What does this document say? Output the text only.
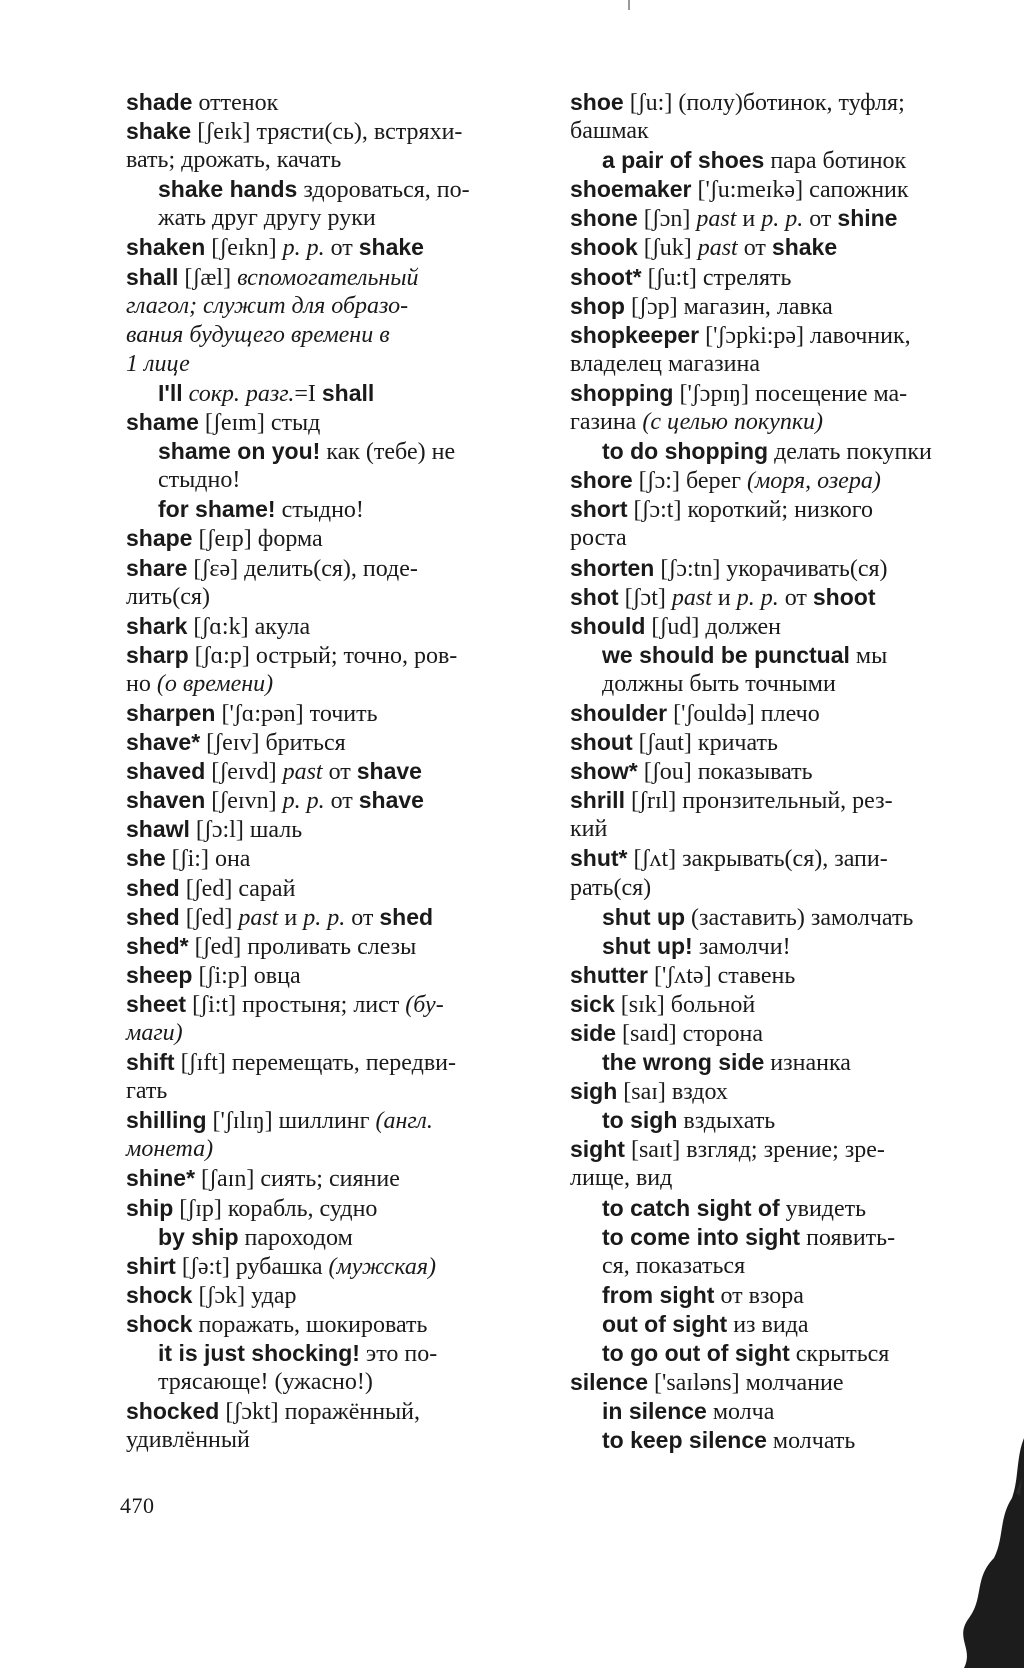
shade оттенок
shake [ʃeɪk] трясти(сь), встряхи-
вать; дрожать, качать
shake hands здороваться, по-
жать друг другу руки
shaken [ʃeɪkn] p. p. от shake
shall [ʃæl] вспомогательный
глагол; служит для образо-
вания будущего времени в
1 лице
I'll сокр. разг.=I shall
shame [ʃeɪm] стыд
shame on you! как (тебе) не
стыдно!
for shame! стыдно!
shape [ʃeɪp] форма
share [ʃɛə] делить(ся), поде-
лить(ся)
shark [ʃɑ:k] акула
sharp [ʃɑ:p] острый; точно, ров-
но (о времени)
sharpen ['ʃɑ:pən] точить
shave* [ʃeɪv] бриться
shaved [ʃeɪvd] past от shave
shaven [ʃeɪvn] p. p. от shave
shawl [ʃɔ:l] шаль
she [ʃi:] она
shed [ʃed] сарай
shed [ʃed] past и p. p. от shed
shed* [ʃed] проливать слезы
sheep [ʃi:p] овца
sheet [ʃi:t] простыня; лист (бу-
маги)
shift [ʃɪft] перемещать, передви-
гать
shilling ['ʃɪlɪŋ] шиллинг (англ.
монета)
shine* [ʃaɪn] сиять; сияние
ship [ʃɪp] корабль, судно
by ship пароходом
shirt [ʃə:t] рубашка (мужская)
shock [ʃɔk] удар
shock поражать, шокировать
it is just shocking! это по-
трясающе! (ужасно!)
shocked [ʃɔkt] поражённый,
удивлённый
shoe [ʃu:] (полу)ботинок, туфля;
башмак
a pair of shoes пара ботинок
shoemaker ['ʃu:meɪkə] сапожник
shone [ʃɔn] past и p. p. от shine
shook [ʃuk] past от shake
shoot* [ʃu:t] стрелять
shop [ʃɔp] магазин, лавка
shopkeeper ['ʃɔpki:pə] лавочник,
владелец магазина
shopping ['ʃɔpɪŋ] посещение ма-
газина (с целью покупки)
to do shopping делать покупки
shore [ʃɔ:] берег (моря, озера)
short [ʃɔ:t] короткий; низкого
роста
shorten [ʃɔ:tn] укорачивать(ся)
shot [ʃɔt] past и p. p. от shoot
should [ʃud] должен
we should be punctual мы
должны быть точными
shoulder ['ʃouldə] плечо
shout [ʃaut] кричать
show* [ʃou] показывать
shrill [ʃrɪl] пронзительный, рез-
кий
shut* [ʃʌt] закрывать(ся), запи-
рать(ся)
shut up (заставить) замолчать
shut up! замолчи!
shutter ['ʃʌtə] ставень
sick [sɪk] больной
side [saɪd] сторона
the wrong side изнанка
sigh [saɪ] вздох
to sigh вздыхать
sight [saɪt] взгляд; зрение; зре-
лище, вид
to catch sight of увидеть
to come into sight появить-
ся, показаться
from sight от взора
out of sight из вида
to go out of sight скрыться
silence ['saɪləns] молчание
in silence молча
to keep silence молчать
470
